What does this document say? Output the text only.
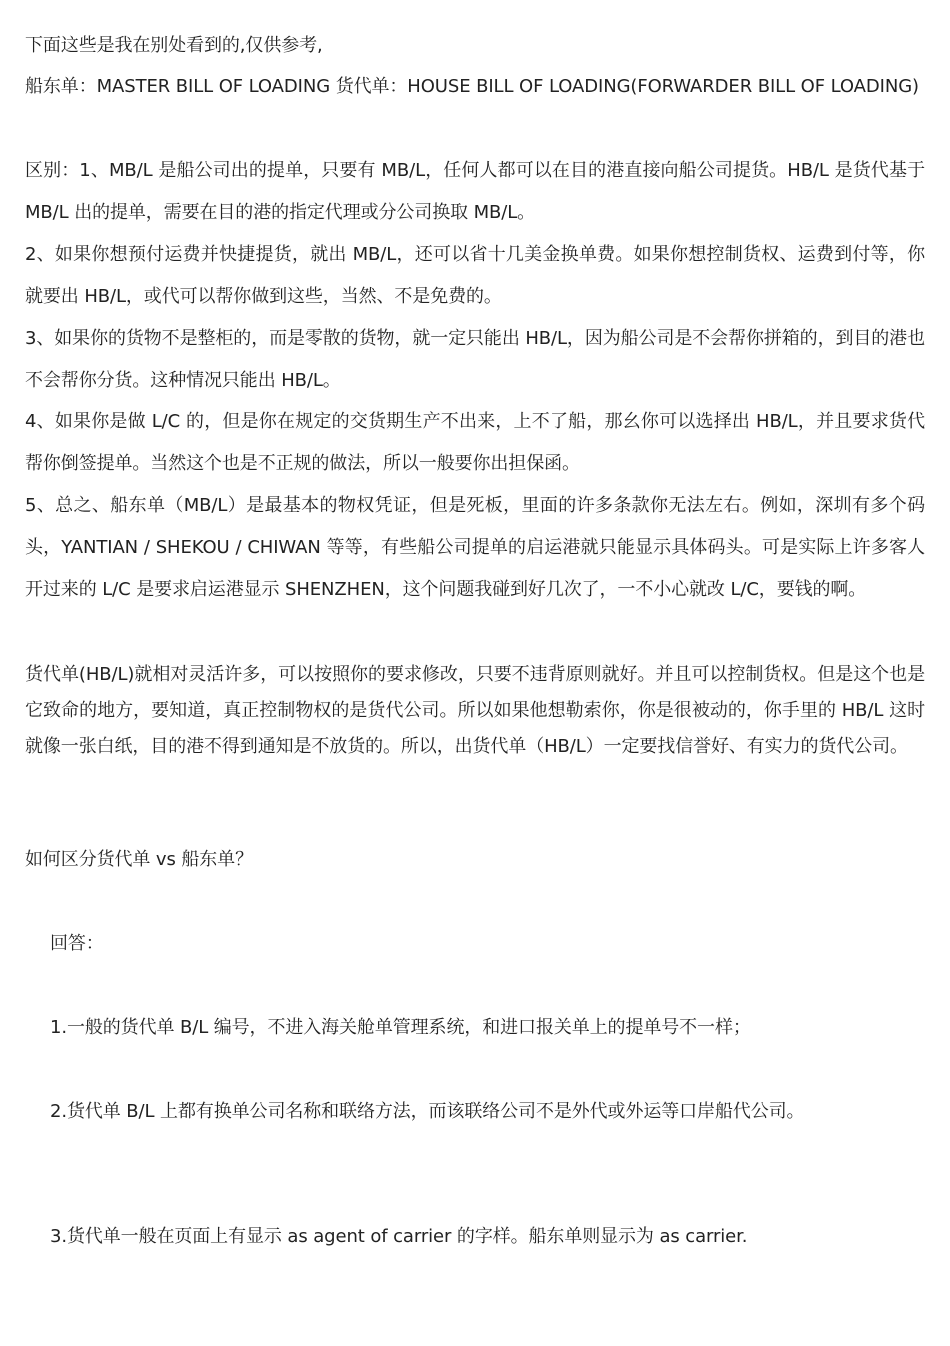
下面这些是我在别处看到的,仅供参考,

船东单：MASTER BILL OF LOADING 货代单：HOUSE BILL OF LOADING(FORWARDER BILL OF LOADING)

区别：1、MB/L 是船公司出的提单，只要有 MB/L，任何人都可以在目的港直接向船公司提货。HB/L 是货代基于 MB/L 出的提单，需要在目的港的指定代理或分公司换取 MB/L。

2、如果你想预付运费并快捷提货，就出 MB/L，还可以省十几美金换单费。如果你想控制货权、运费到付等，你就要出 HB/L，或代可以帮你做到这些，当然、不是免费的。

3、如果你的货物不是整柜的，而是零散的货物，就一定只能出 HB/L，因为船公司是不会帮你拼箱的，到目的港也不会帮你分货。这种情况只能出 HB/L。

4、如果你是做 L/C 的，但是你在规定的交货期生产不出来，上不了船，那幺你可以选择出 HB/L，并且要求货代帮你倒签提单。当然这个也是不正规的做法，所以一般要你出担保函。

5、总之、船东单（MB/L）是最基本的物权凭证，但是死板，里面的许多条款你无法左右。例如，深圳有多个码头，YANTIAN / SHEKOU / CHIWAN 等等，有些船公司提单的启运港就只能显示具体码头。可是实际上许多客人开过来的 L/C 是要求启运港显示 SHENZHEN，这个问题我碰到好几次了，一不小心就改 L/C，要钱的啊。

货代单(HB/L)就相对灵活许多，可以按照你的要求修改，只要不违背原则就好。并且可以控制货权。但是这个也是它致命的地方，要知道，真正控制物权的是货代公司。所以如果他想勒索你，你是很被动的，你手里的 HB/L 这时就像一张白纸，目的港不得到通知是不放货的。所以，出货代单（HB/L）一定要找信誉好、有实力的货代公司。

如何区分货代单 vs 船东单？

回答：

1.一般的货代单 B/L 编号，不进入海关舱单管理系统，和进口报关单上的提单号不一样；

2.货代单 B/L 上都有换单公司名称和联络方法，而该联络公司不是外代或外运等口岸船代公司。

3.货代单一般在页面上有显示 as agent of carrier 的字样。船东单则显示为 as carrier.
